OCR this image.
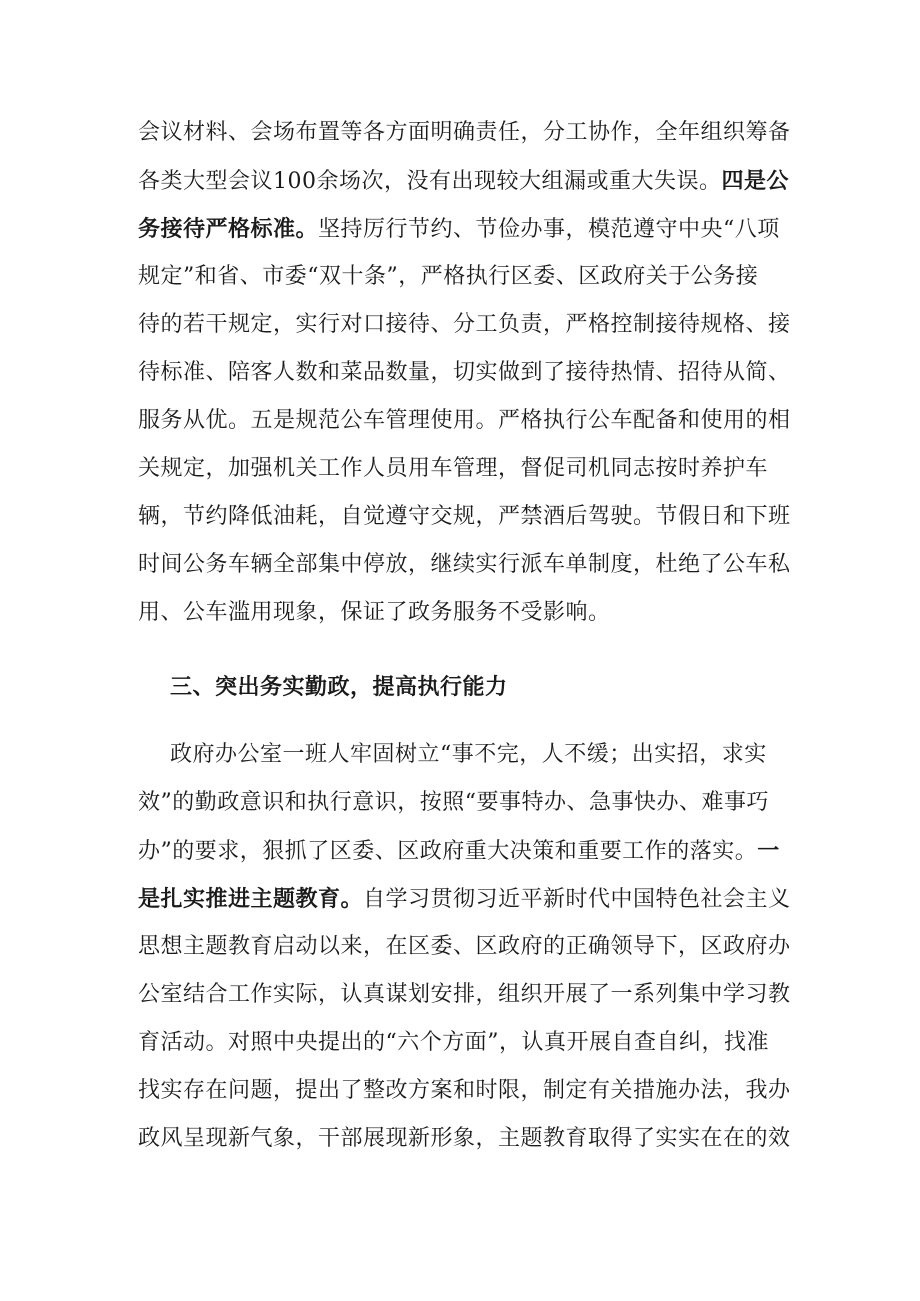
会议材料、会场布置等各方面明确责任，分工协作，全年组织筹备
各类大型会议100余场次，没有出现较大组漏或重大失误。四是公
务接待严格标准。坚持厉行节约、节俭办事，模范遵守中央“八项
规定”和省、市委“双十条”，严格执行区委、区政府关于公务接
待的若干规定，实行对口接待、分工负责，严格控制接待规格、接
待标准、陪客人数和菜品数量，切实做到了接待热情、招待从简、
服务从优。五是规范公车管理使用。严格执行公车配备和使用的相
关规定，加强机关工作人员用车管理，督促司机同志按时养护车
辆，节约降低油耗，自觉遵守交规，严禁酒后驾驶。节假日和下班
时间公务车辆全部集中停放，继续实行派车单制度，杜绝了公车私
用、公车滥用现象，保证了政务服务不受影响。
三、突出务实勤政，提高执行能力
政府办公室一班人牢固树立“事不完，人不缓；出实招，求实
效”的勤政意识和执行意识，按照“要事特办、急事快办、难事巧
办”的要求，狠抓了区委、区政府重大决策和重要工作的落实。一
是扎实推进主题教育。自学习贯彻习近平新时代中国特色社会主义
思想主题教育启动以来，在区委、区政府的正确领导下，区政府办
公室结合工作实际，认真谋划安排，组织开展了一系列集中学习教
育活动。对照中央提出的“六个方面”，认真开展自查自纠，找准
找实存在问题，提出了整改方案和时限，制定有关措施办法，我办
政风呈现新气象，干部展现新形象，主题教育取得了实实在在的效
